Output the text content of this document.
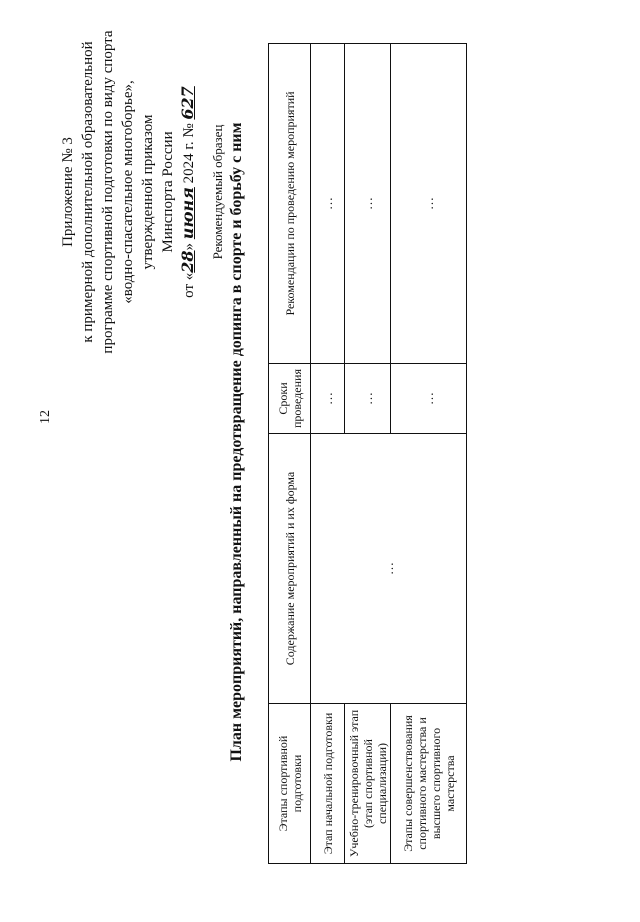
12
Приложение № 3 к примерной дополнительной образовательной программе спортивной подготовки по виду спорта «водно-спасательное многоборье», утвержденной приказом Минспорта России
от «28» июня 2024 г. № 627
Рекомендуемый образец План мероприятий, направленный на предотвращение допинга в спорте и борьбу с ним
Этапы спортивной подготовки	Содержание мероприятий и их форма	Сроки проведения	Рекомендации по проведению мероприятий
Этап начальной подготовки	…	…	…
Учебно-тренировочный этап (этап спортивной специализации)		…	…
Этапы совершенствования спортивного мастерства и высшего спортивного мастерства		…	…
